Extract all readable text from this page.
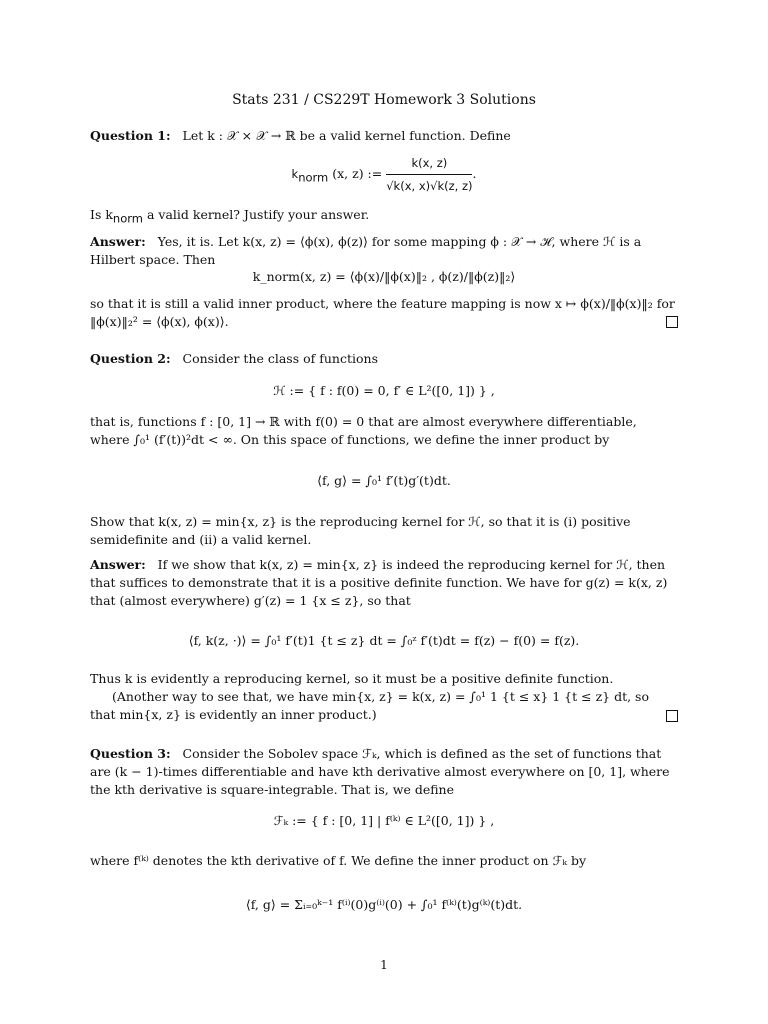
Stats 231 / CS229T Homework 3 Solutions
Question 1: Let k : 𝒳 × 𝒳 → ℝ be a valid kernel function. Define
$k_{norm}$ (x, z) := $\frac{k(x, z)}{√k(x, x)√k(z, z)}$ .
Is $k_{norm}$ a valid kernel? Justify your answer.
Answer: Yes, it is. Let k(x, z) = ⟨ϕ(x), ϕ(z)⟩ for some mapping ϕ : 𝒳 → ℋ, where ℋ is a Hilbert space. Then
k_norm(x, z) = ⟨ϕ(x)/‖ϕ(x)‖₂ , ϕ(z)/‖ϕ(z)‖₂⟩
so that it is still a valid inner product, where the feature mapping is now x ↦ ϕ(x)/‖ϕ(x)‖₂ for ‖ϕ(x)‖₂² = ⟨ϕ(x), ϕ(x)⟩.
Question 2: Consider the class of functions
ℋ := { f : f(0) = 0, f′ ∈ L²([0, 1]) } ,
that is, functions f : [0, 1] → ℝ with f(0) = 0 that are almost everywhere differentiable, where ∫₀¹ (f′(t))²dt < ∞. On this space of functions, we define the inner product by
⟨f, g⟩ = ∫₀¹ f′(t)g′(t)dt.
Show that k(x, z) = min{x, z} is the reproducing kernel for ℋ, so that it is (i) positive semidefinite and (ii) a valid kernel.
Answer: If we show that k(x, z) = min{x, z} is indeed the reproducing kernel for ℋ, then that suffices to demonstrate that it is a positive definite function. We have for g(z) = k(x, z) that (almost everywhere) g′(z) = 1 {x ≤ z}, so that
⟨f, k(z, ·)⟩ = ∫₀¹ f′(t)1 {t ≤ z} dt = ∫₀ᶻ f′(t)dt = f(z) − f(0) = f(z).
Thus k is evidently a reproducing kernel, so it must be a positive definite function.
(Another way to see that, we have min{x, z} = k(x, z) = ∫₀¹ 1 {t ≤ x} 1 {t ≤ z} dt, so that min{x, z} is evidently an inner product.)
Question 3: Consider the Sobolev space ℱₖ, which is defined as the set of functions that are (k − 1)-times differentiable and have kth derivative almost everywhere on [0, 1], where the kth derivative is square-integrable. That is, we define
ℱₖ := { f : [0, 1] | f⁽ᵏ⁾ ∈ L²([0, 1]) } ,
where f⁽ᵏ⁾ denotes the kth derivative of f. We define the inner product on ℱₖ by
⟨f, g⟩ = Σᵢ₌₀ᵏ⁻¹ f⁽ⁱ⁾(0)g⁽ⁱ⁾(0) + ∫₀¹ f⁽ᵏ⁾(t)g⁽ᵏ⁾(t)dt.
1
